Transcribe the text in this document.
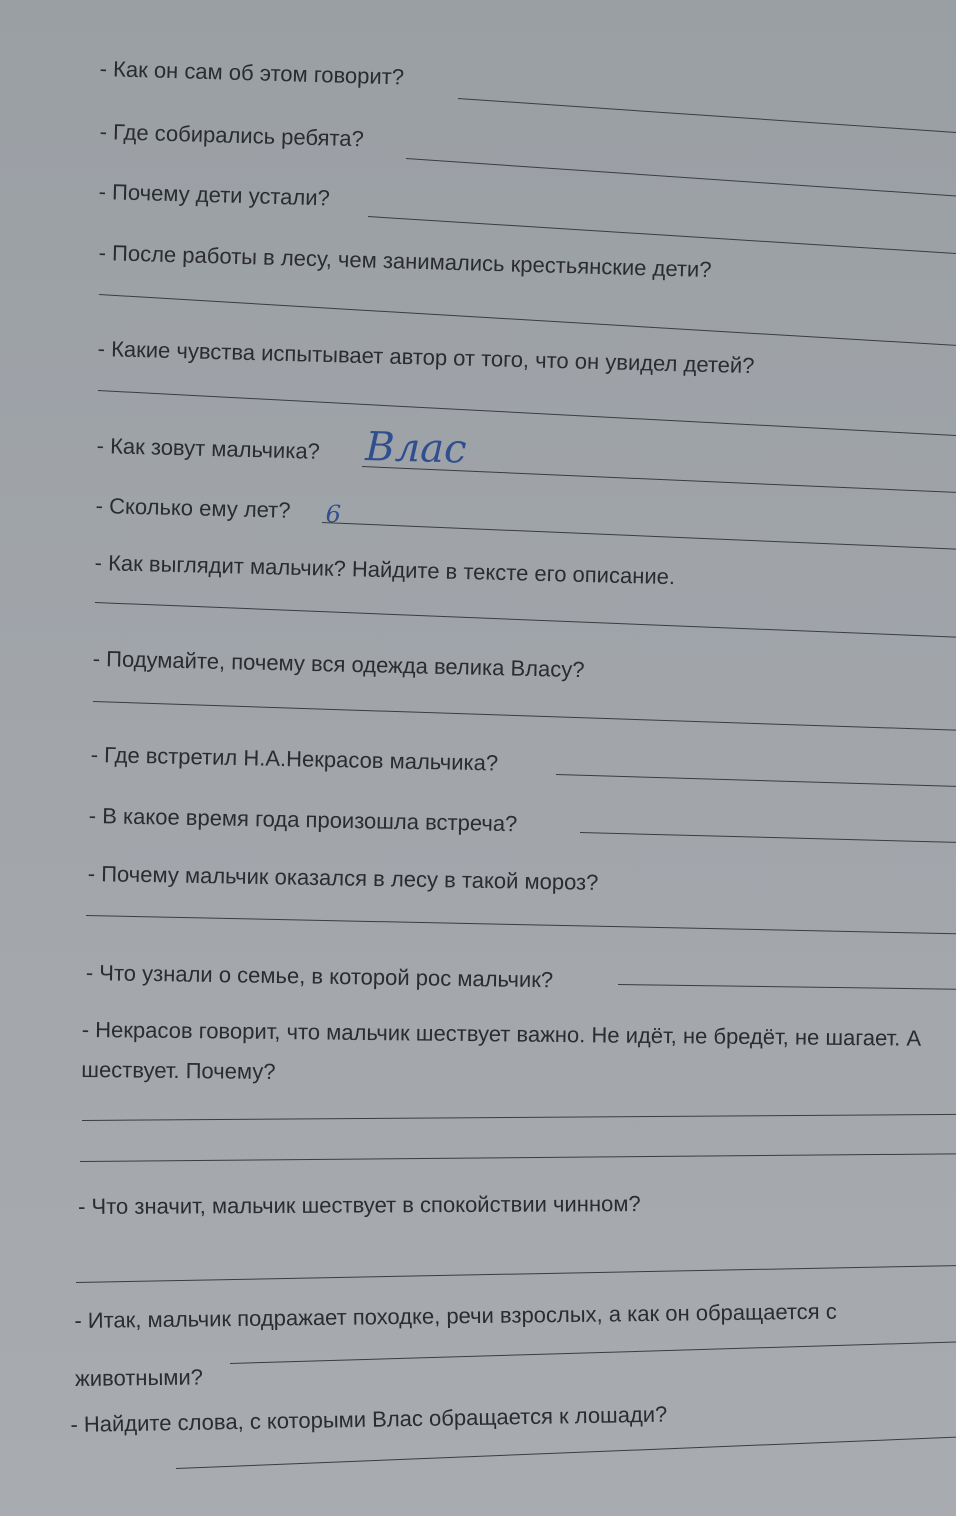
- Как он сам об этом говорит?
- Где собирались ребята?
- Почему дети устали?
- После работы в лесу, чем занимались крестьянские дети?
- Какие чувства испытывает автор от того, что он увидел детей?
- Как зовут мальчика? Влас
- Сколько ему лет? 6
- Как выглядит мальчик? Найдите в тексте его описание.
- Подумайте, почему вся одежда велика Власу?
- Где встретил Н.А.Некрасов мальчика?
- В какое время года произошла встреча?
- Почему мальчик оказался в лесу в такой мороз?
- Что узнали о семье, в которой рос мальчик?
- Некрасов говорит, что мальчик шествует важно. Не идёт, не бредёт, не шагает. А шествует. Почему?
- Что значит, мальчик шествует в спокойствии чинном?
- Итак, мальчик подражает походке, речи взрослых, а как он обращается с животными?
- Найдите слова, с которыми Влас обращается к лошади?
